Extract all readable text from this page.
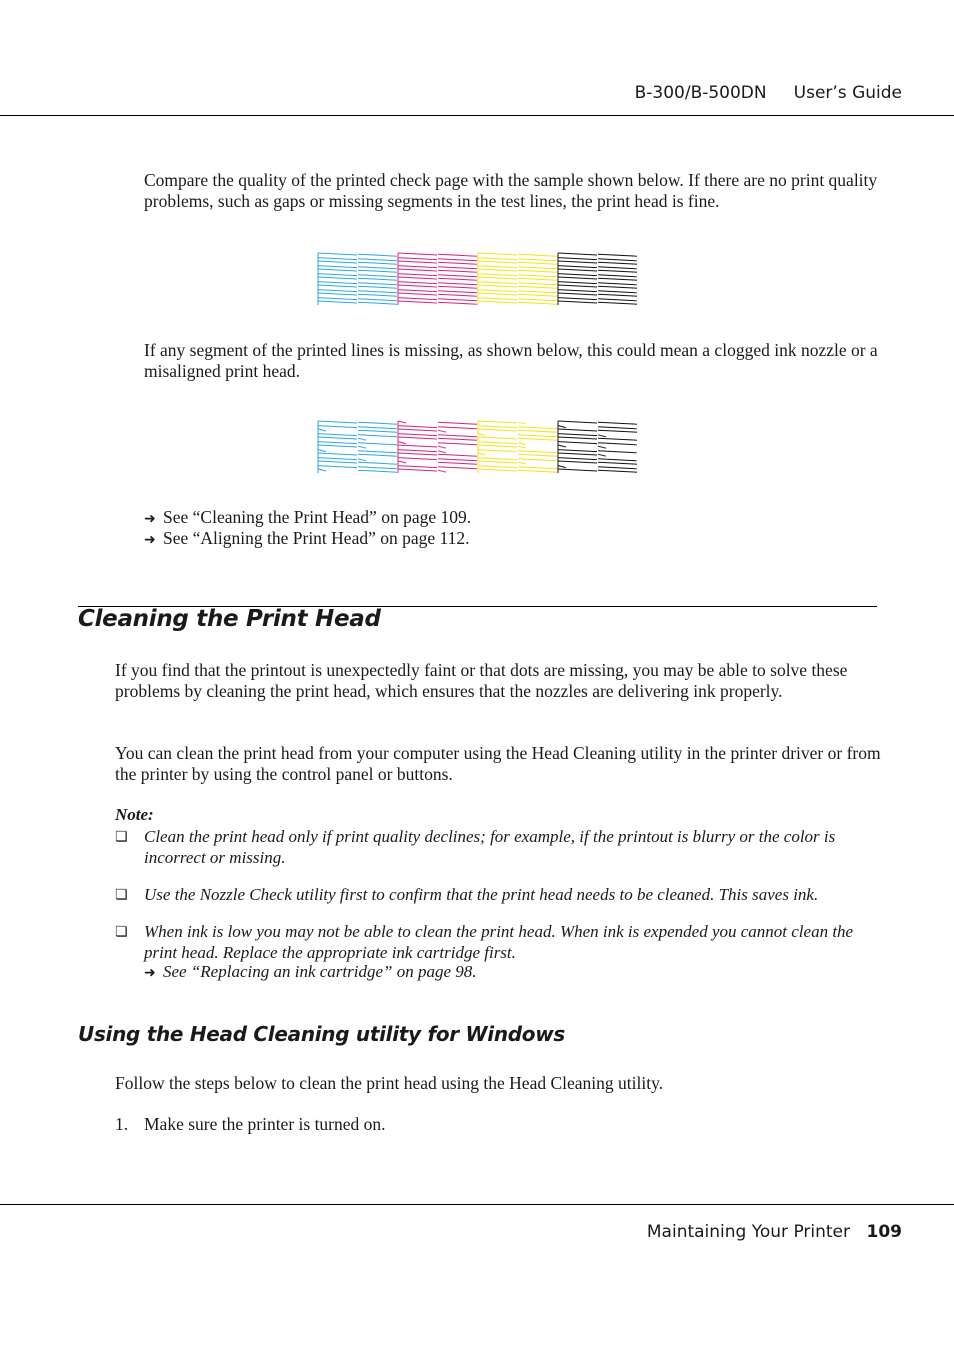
B-300/B-500DN User’s Guide
Compare the quality of the printed check page with the sample shown below. If there are no print quality problems, such as gaps or missing segments in the test lines, the print head is fine.
If any segment of the printed lines is missing, as shown below, this could mean a clogged ink nozzle or a misaligned print head.
➜ See “Cleaning the Print Head” on page 109.
➜ See “Aligning the Print Head” on page 112.
Cleaning the Print Head
If you find that the printout is unexpectedly faint or that dots are missing, you may be able to solve these problems by cleaning the print head, which ensures that the nozzles are delivering ink properly.
You can clean the print head from your computer using the Head Cleaning utility in the printer driver or from the printer by using the control panel or buttons.
Note:
❏ Clean the print head only if print quality declines; for example, if the printout is blurry or the color is incorrect or missing.
❏ Use the Nozzle Check utility first to confirm that the print head needs to be cleaned. This saves ink.
❏ When ink is low you may not be able to clean the print head. When ink is expended you cannot clean the print head. Replace the appropriate ink cartridge first.
➜ See “Replacing an ink cartridge” on page 98.
Using the Head Cleaning utility for Windows
Follow the steps below to clean the print head using the Head Cleaning utility.
1. Make sure the printer is turned on.
Maintaining Your Printer 109
